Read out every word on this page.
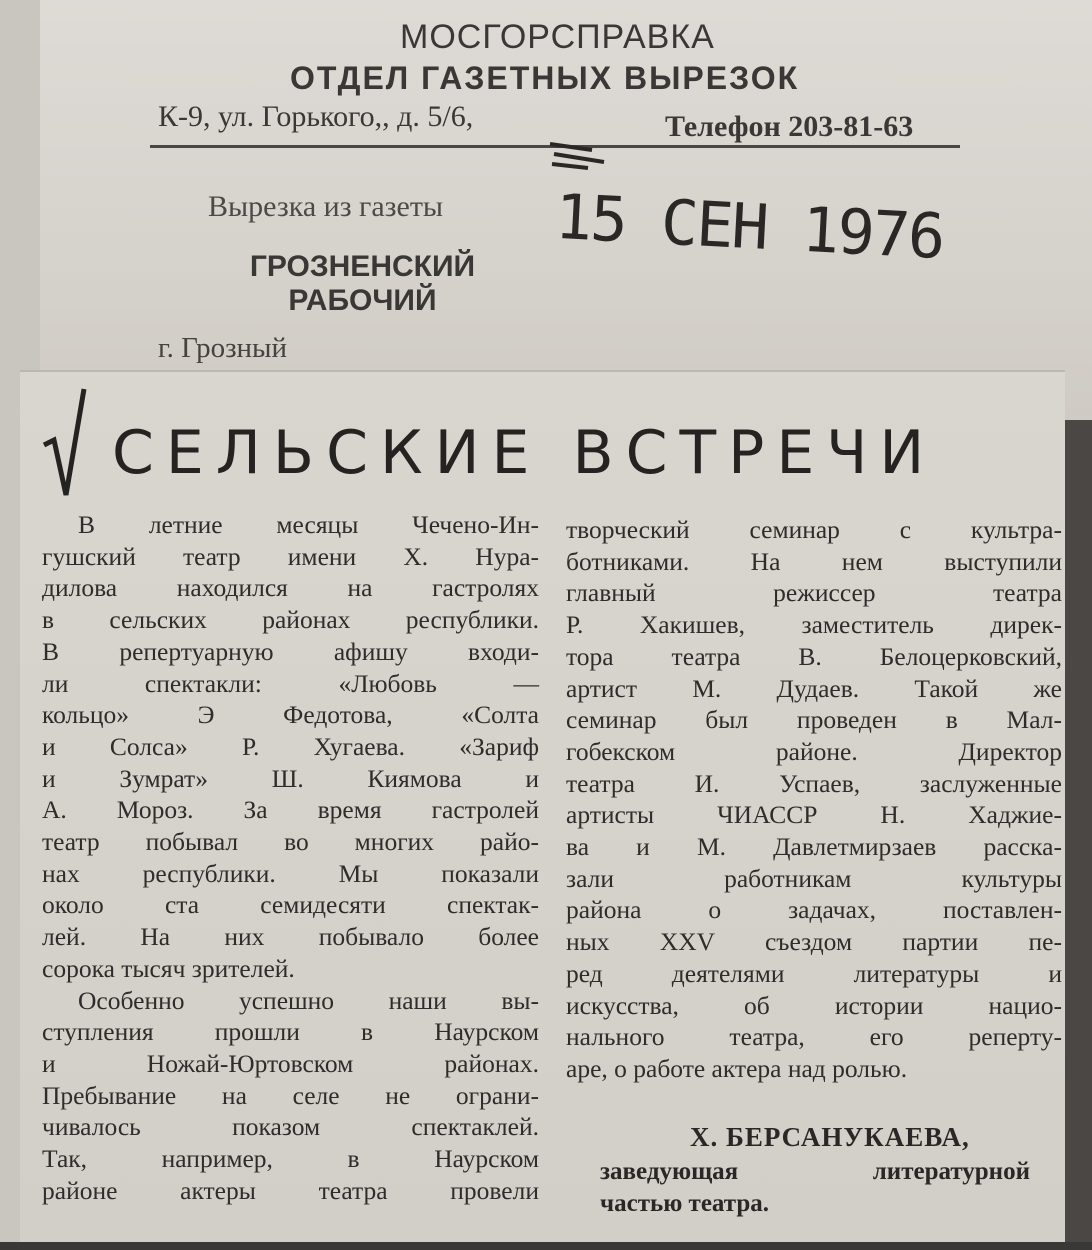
МОСГОРСПРАВКА
ОТДЕЛ ГАЗЕТНЫХ ВЫРЕЗОК
К-9, ул. Горького,, д. 5/6,	Телефон 203-81-63
Вырезка из газеты
ГРОЗНЕНСКИЙ
РАБОЧИЙ
г. Грозный
15 СЕН 1976
СЕЛЬСКИЕ ВСТРЕЧИ

В летние месяцы Чечено-Ин-

гушский театр имени Х. Нура-

дилова находился на гастролях

в сельских районах республики.

В репертуарную афишу входи-

ли спектакли: «Любовь —

кольцо» Э Федотова, «Солта

и Солса» Р. Хугаева. «Зариф

и Зумрат» Ш. Киямова и

А. Мороз. За время гастролей

театр побывал во многих райо-

нах республики. Мы показали

около ста семидесяти спектак-

лей. На них побывало более

сорока тысяч зрителей.

Особенно успешно наши вы-

ступления прошли в Наурском

и Ножай-Юртовском районах.

Пребывание на селе не ограни-

чивалось показом спектаклей.

Так, например, в Наурском

районе актеры театра провели

творческий семинар с культра-

ботниками. На нем выступили

главный режиссер театра

Р. Хакишев, заместитель дирек-

тора театра В. Белоцерковский,

артист М. Дудаев. Такой же

семинар был проведен в Мал-

гобекском районе. Директор

театра И. Успаев, заслуженные

артисты ЧИАССР Н. Хаджие-

ва и М. Давлетмирзаев расска-

зали работникам культуры

района о задачах, поставлен-

ных XXV съездом партии пе-

ред деятелями литературы и

искусства, об истории нацио-

нального театра, его реперту-

аре, о работе актера над ролью.

Х. БЕРСАНУКАЕВА,
заведующая литературной
частью театра.
